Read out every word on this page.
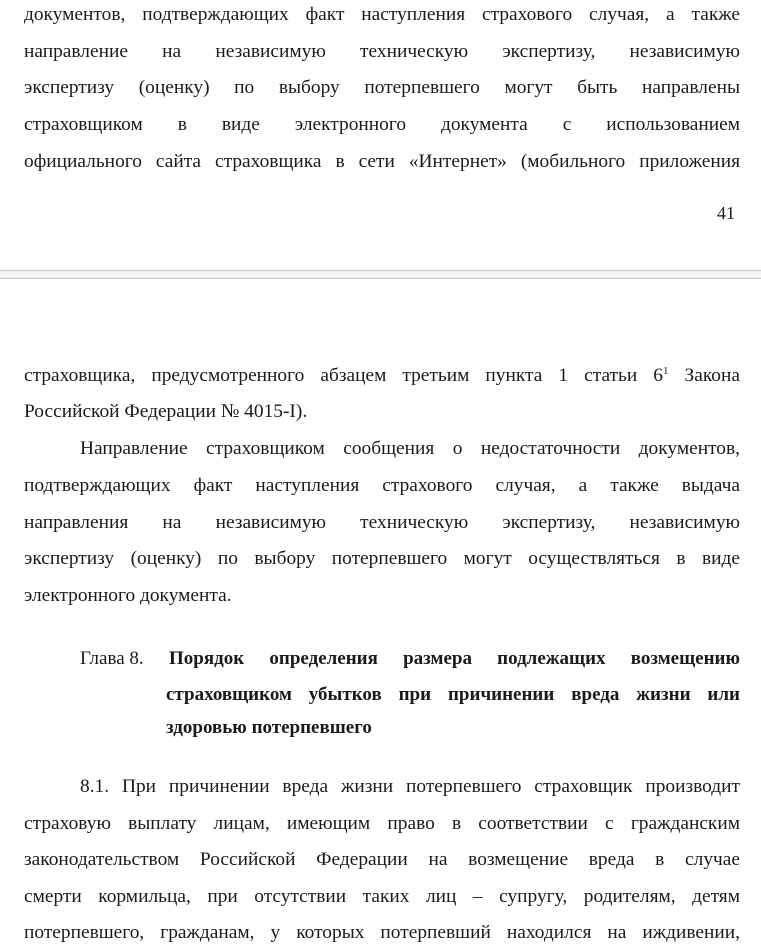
документов, подтверждающих факт наступления страхового случая, а также
направление на независимую техническую экспертизу, независимую
экспертизу (оценку) по выбору потерпевшего могут быть направлены
страховщиком в виде электронного документа с использованием
официального сайта страховщика в сети «Интернет» (мобильного приложения
41
страховщика, предусмотренного абзацем третьим пункта 1 статьи $6^1$ Закона
Российской Федерации № 4015-I).
Направление страховщиком сообщения о недостаточности документов,
подтверждающих факт наступления страхового случая, а также выдача
направления на независимую техническую экспертизу, независимую
экспертизу (оценку) по выбору потерпевшего могут осуществляться в виде
электронного документа.
Глава 8. Порядок определения размера подлежащих возмещению
страховщиком убытков при причинении вреда жизни или
здоровью потерпевшего
8.1. При причинении вреда жизни потерпевшего страховщик производит
страховую выплату лицам, имеющим право в соответствии с гражданским
законодательством Российской Федерации на возмещение вреда в случае
смерти кормильца, при отсутствии таких лиц – супругу, родителям, детям
потерпевшего, гражданам, у которых потерпевший находился на иждивении,
